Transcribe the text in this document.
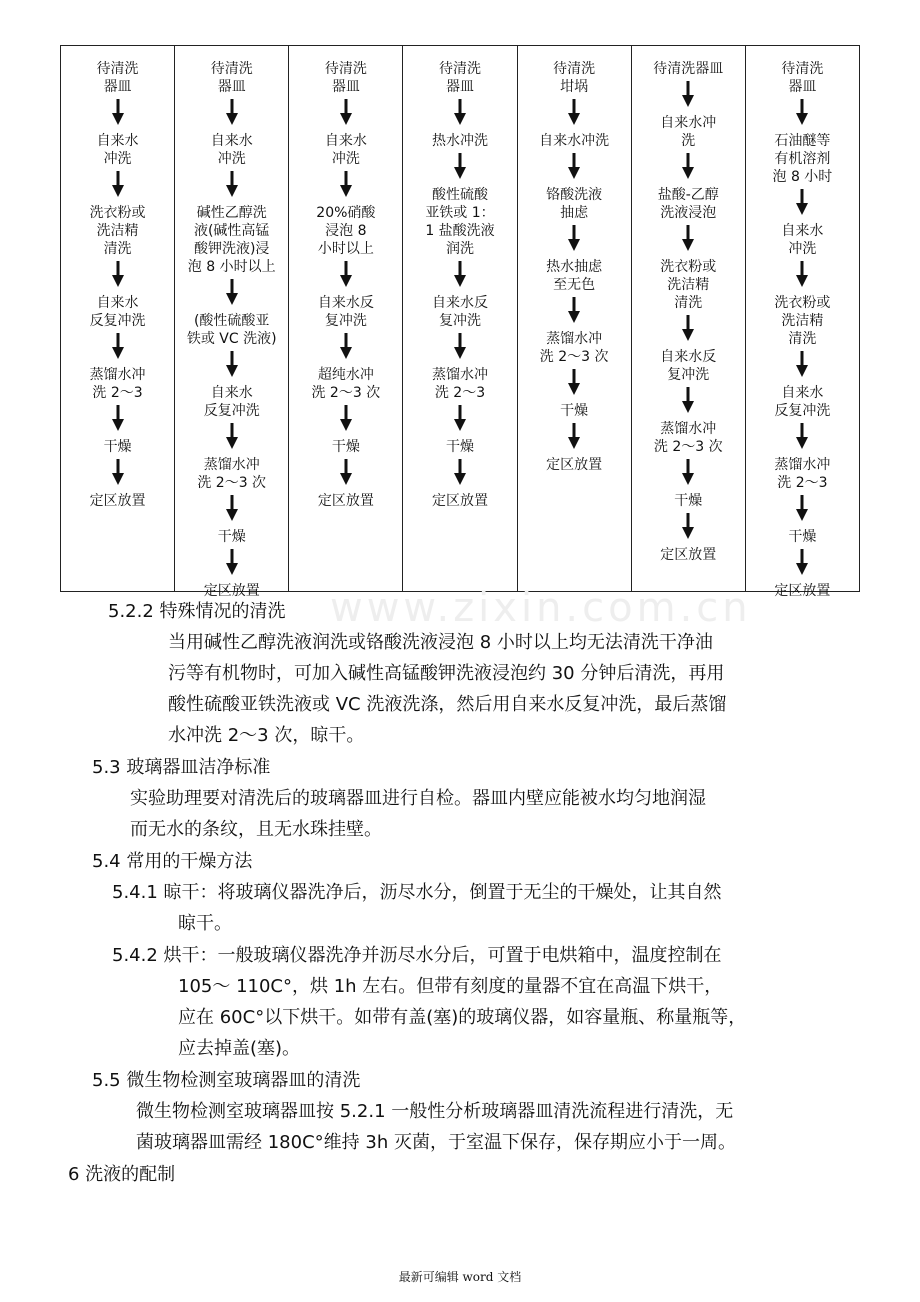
待清洗
器皿
自来水
冲洗
洗衣粉或
洗洁精
清洗
自来水
反复冲洗
蒸馏水冲
洗 2～3
干燥
定区放置
待清洗
器皿
自来水
冲洗
碱性乙醇洗
液(碱性高锰
酸钾洗液)浸
泡 8 小时以上
(酸性硫酸亚
铁或 VC 洗液)
自来水
反复冲洗
蒸馏水冲
洗 2～3 次
干燥
定区放置
待清洗
器皿
自来水
冲洗
20%硝酸
浸泡 8
小时以上
自来水反
复冲洗
超纯水冲
洗 2～3 次
干燥
定区放置
待清洗
器皿
热水冲洗
酸性硫酸
亚铁或 1：
1 盐酸洗液
润洗
自来水反
复冲洗
蒸馏水冲
洗 2～3
干燥
定区放置
待清洗
坩埚
自来水冲洗
铬酸洗液
抽虑
热水抽虑
至无色
蒸馏水冲
洗 2～3 次
干燥
定区放置
待清洗器皿
自来水冲
洗
盐酸-乙醇
洗液浸泡
洗衣粉或
洗洁精
清洗
自来水反
复冲洗
蒸馏水冲
洗 2～3 次
干燥
定区放置
待清洗
器皿
石油醚等
有机溶剂
泡 8 小时
自来水
冲洗
洗衣粉或
洗洁精
清洗
自来水
反复冲洗
蒸馏水冲
洗 2～3
干燥
定区放置
www.zixin.com.cn
5.2.2 特殊情况的清洗
当用碱性乙醇洗液润洗或铬酸洗液浸泡 8 小时以上均无法清洗干净油
污等有机物时，可加入碱性高锰酸钾洗液浸泡约 30 分钟后清洗，再用
酸性硫酸亚铁洗液或 VC 洗液洗涤，然后用自来水反复冲洗，最后蒸馏
水冲洗 2～3 次，晾干。
5.3 玻璃器皿洁净标准
实验助理要对清洗后的玻璃器皿进行自检。器皿内壁应能被水均匀地润湿
而无水的条纹，且无水珠挂壁。
5.4 常用的干燥方法
5.4.1 晾干：将玻璃仪器洗净后，沥尽水分，倒置于无尘的干燥处，让其自然
晾干。
5.4.2 烘干：一般玻璃仪器洗净并沥尽水分后，可置于电烘箱中，温度控制在
105～ 110C°，烘 1h 左右。但带有刻度的量器不宜在高温下烘干，
应在 60C°以下烘干。如带有盖(塞)的玻璃仪器，如容量瓶、称量瓶等，
应去掉盖(塞)。
5.5 微生物检测室玻璃器皿的清洗
微生物检测室玻璃器皿按 5.2.1 一般性分析玻璃器皿清洗流程进行清洗，无
菌玻璃器皿需经 180C°维持 3h 灭菌，于室温下保存，保存期应小于一周。
6 洗液的配制
最新可编辑 word 文档
